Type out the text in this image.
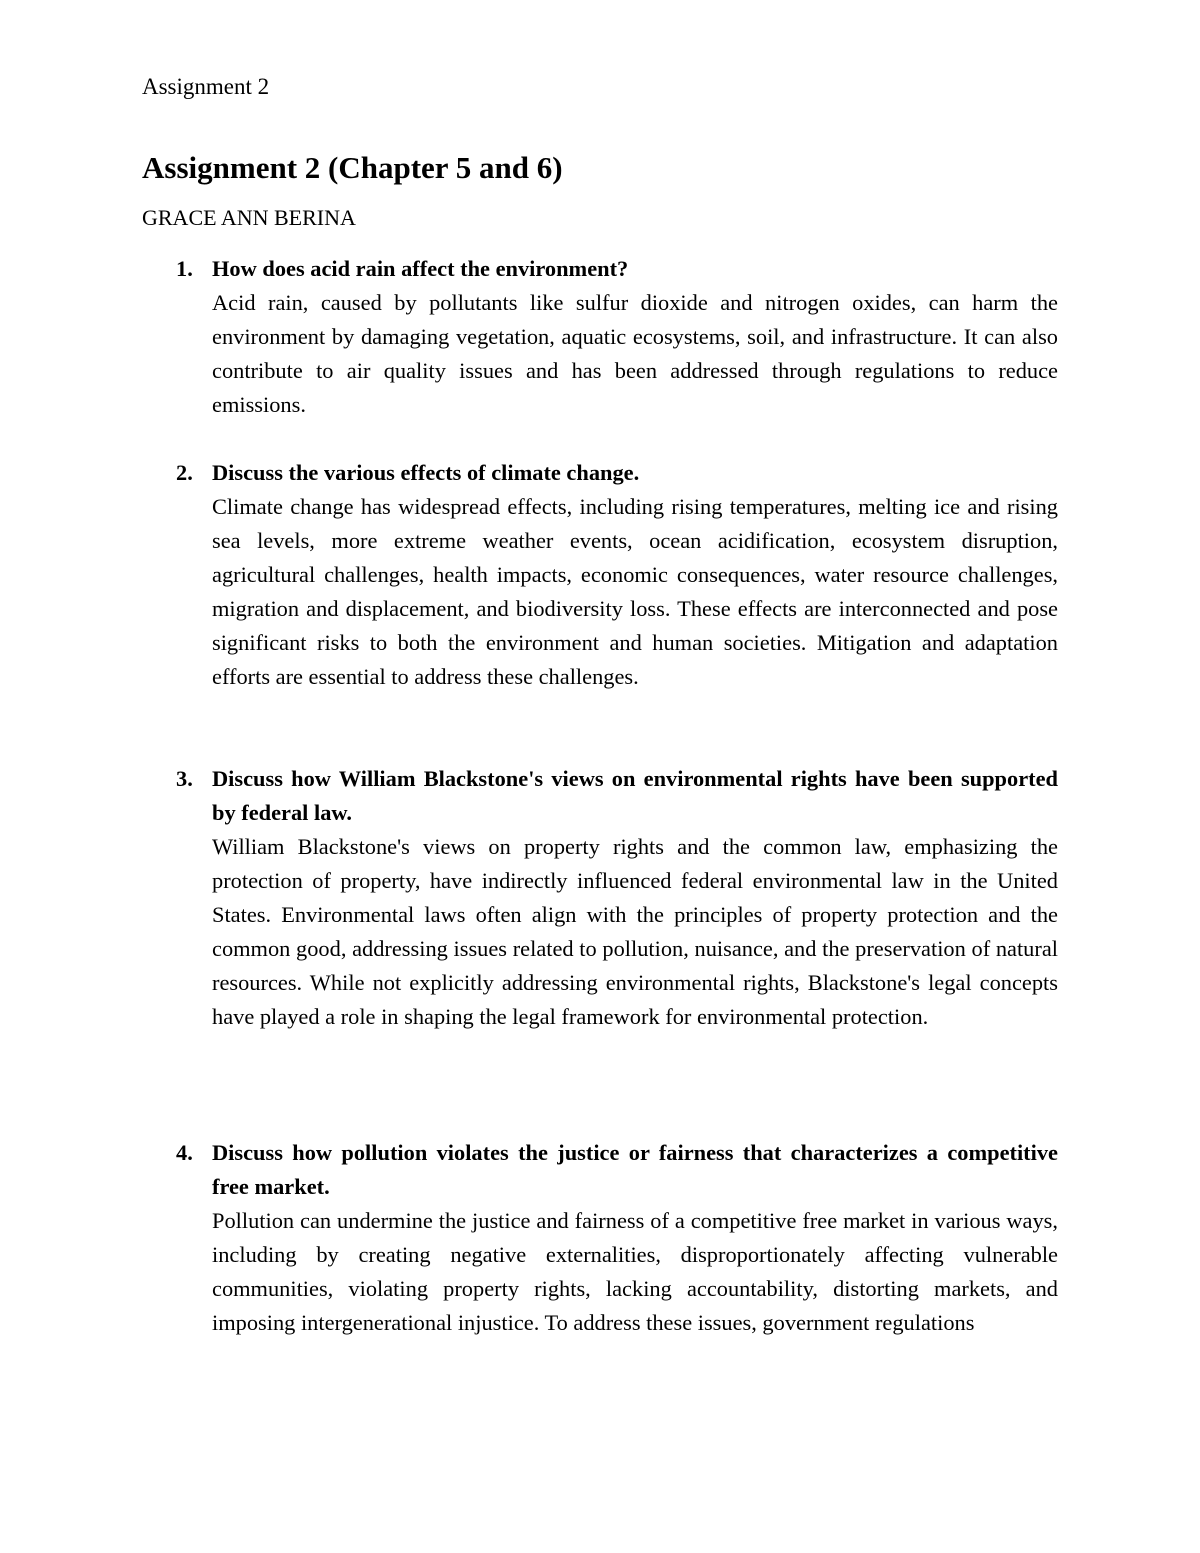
Assignment 2
Assignment 2 (Chapter 5 and 6)
GRACE ANN BERINA
1. How does acid rain affect the environment?
Acid rain, caused by pollutants like sulfur dioxide and nitrogen oxides, can harm the environment by damaging vegetation, aquatic ecosystems, soil, and infrastructure. It can also contribute to air quality issues and has been addressed through regulations to reduce emissions.
2. Discuss the various effects of climate change.
Climate change has widespread effects, including rising temperatures, melting ice and rising sea levels, more extreme weather events, ocean acidification, ecosystem disruption, agricultural challenges, health impacts, economic consequences, water resource challenges, migration and displacement, and biodiversity loss. These effects are interconnected and pose significant risks to both the environment and human societies. Mitigation and adaptation efforts are essential to address these challenges.
3. Discuss how William Blackstone's views on environmental rights have been supported by federal law.
William Blackstone's views on property rights and the common law, emphasizing the protection of property, have indirectly influenced federal environmental law in the United States. Environmental laws often align with the principles of property protection and the common good, addressing issues related to pollution, nuisance, and the preservation of natural resources. While not explicitly addressing environmental rights, Blackstone's legal concepts have played a role in shaping the legal framework for environmental protection.
4. Discuss how pollution violates the justice or fairness that characterizes a competitive free market.
Pollution can undermine the justice and fairness of a competitive free market in various ways, including by creating negative externalities, disproportionately affecting vulnerable communities, violating property rights, lacking accountability, distorting markets, and imposing intergenerational injustice. To address these issues, government regulations
